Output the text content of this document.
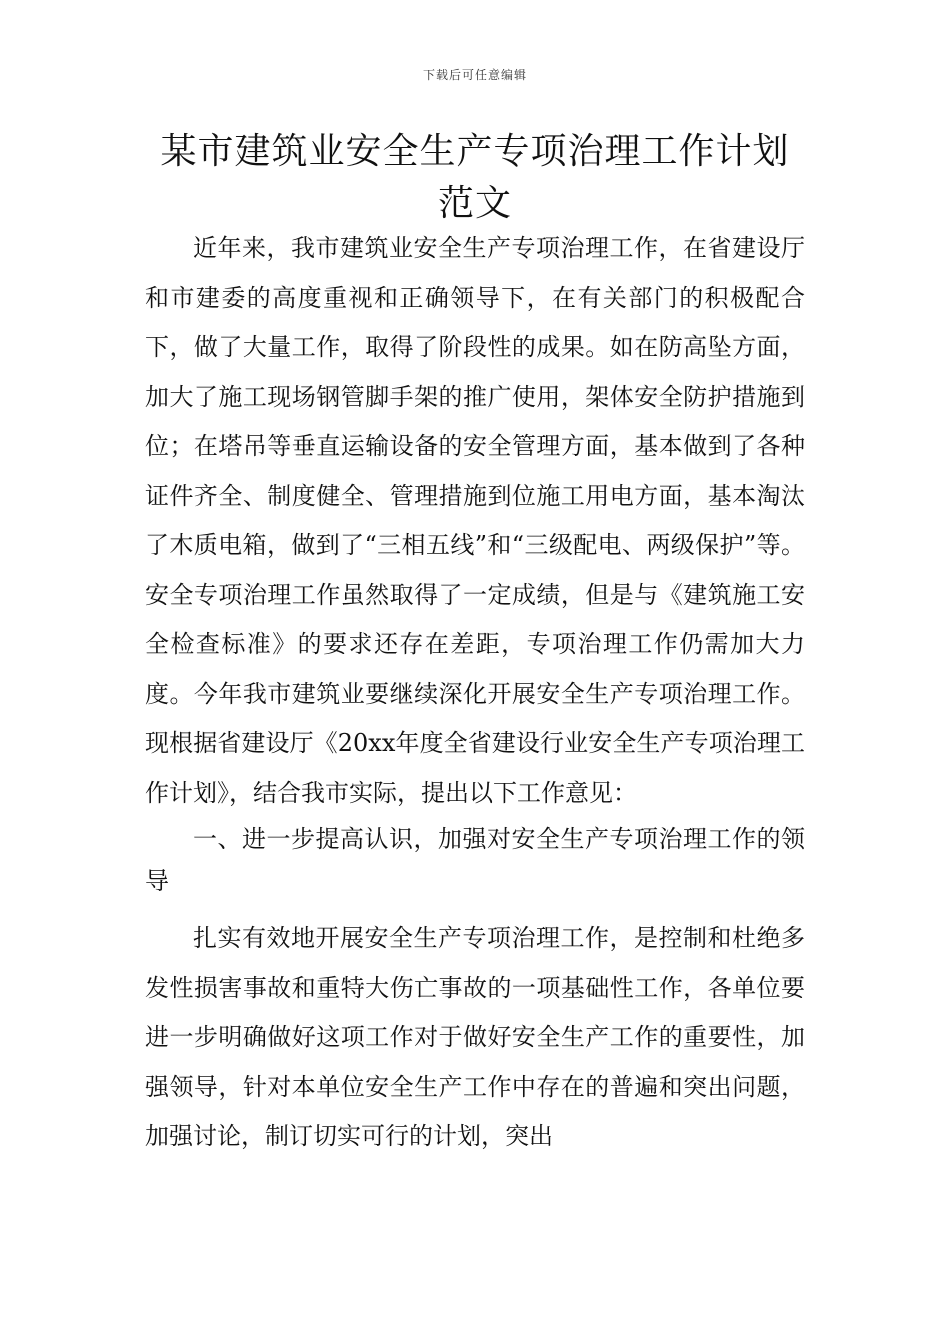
下载后可任意编辑
某市建筑业安全生产专项治理工作计划范文

近年来，我市建筑业安全生产专项治理工作，在省建设厅和市建委的高度重视和正确领导下，在有关部门的积极配合下，做了大量工作，取得了阶段性的成果。如在防高坠方面，加大了施工现场钢管脚手架的推广使用，架体安全防护措施到位；在塔吊等垂直运输设备的安全管理方面，基本做到了各种证件齐全、制度健全、管理措施到位施工用电方面，基本淘汰了木质电箱，做到了“三相五线”和“三级配电、两级保护”等。安全专项治理工作虽然取得了一定成绩，但是与《建筑施工安全检查标准》的要求还存在差距，专项治理工作仍需加大力度。今年我市建筑业要继续深化开展安全生产专项治理工作。现根据省建设厅《20xx年度全省建设行业安全生产专项治理工作计划》，结合我市实际，提出以下工作意见：

一、进一步提高认识，加强对安全生产专项治理工作的领导

扎实有效地开展安全生产专项治理工作，是控制和杜绝多发性损害事故和重特大伤亡事故的一项基础性工作，各单位要进一步明确做好这项工作对于做好安全生产工作的重要性，加强领导，针对本单位安全生产工作中存在的普遍和突出问题，加强讨论，制订切实可行的计划，突出
